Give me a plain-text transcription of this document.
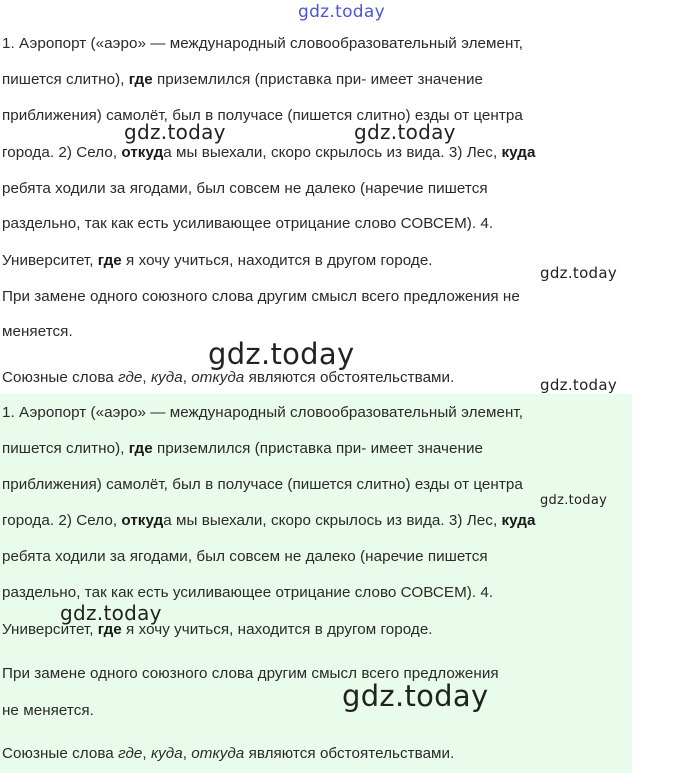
1. Аэропорт («аэро» — международный словообразовательный элемент,
пишется слитно), где приземлился (приставка при- имеет значение
приближения) самолёт, был в получасе (пишется слитно) езды от центра
города. 2) Село, откуда мы выехали, скоро скрылось из вида. 3) Лес, куда
ребята ходили за ягодами, был совсем не далеко (наречие пишется
раздельно, так как есть усиливающее отрицание слово СОВСЕМ). 4.
Университет, где я хочу учиться, находится в другом городе.
При замене одного союзного слова другим смысл всего предложения не
меняется.
Союзные слова где, куда, откуда являются обстоятельствами.
1. Аэропорт («аэро» — международный словообразовательный элемент,
пишется слитно), где приземлился (приставка при- имеет значение
приближения) самолёт, был в получасе (пишется слитно) езды от центра
города. 2) Село, откуда мы выехали, скоро скрылось из вида. 3) Лес, куда
ребята ходили за ягодами, был совсем не далеко (наречие пишется
раздельно, так как есть усиливающее отрицание слово СОВСЕМ). 4.
Университет, где я хочу учиться, находится в другом городе.
При замене одного союзного слова другим смысл всего предложения
не меняется.
Союзные слова где, куда, откуда являются обстоятельствами.
gdz.today
gdz.today	gdz.today
gdz.today
gdz.today
gdz.today
gdz.today
gdz.today
gdz.today
